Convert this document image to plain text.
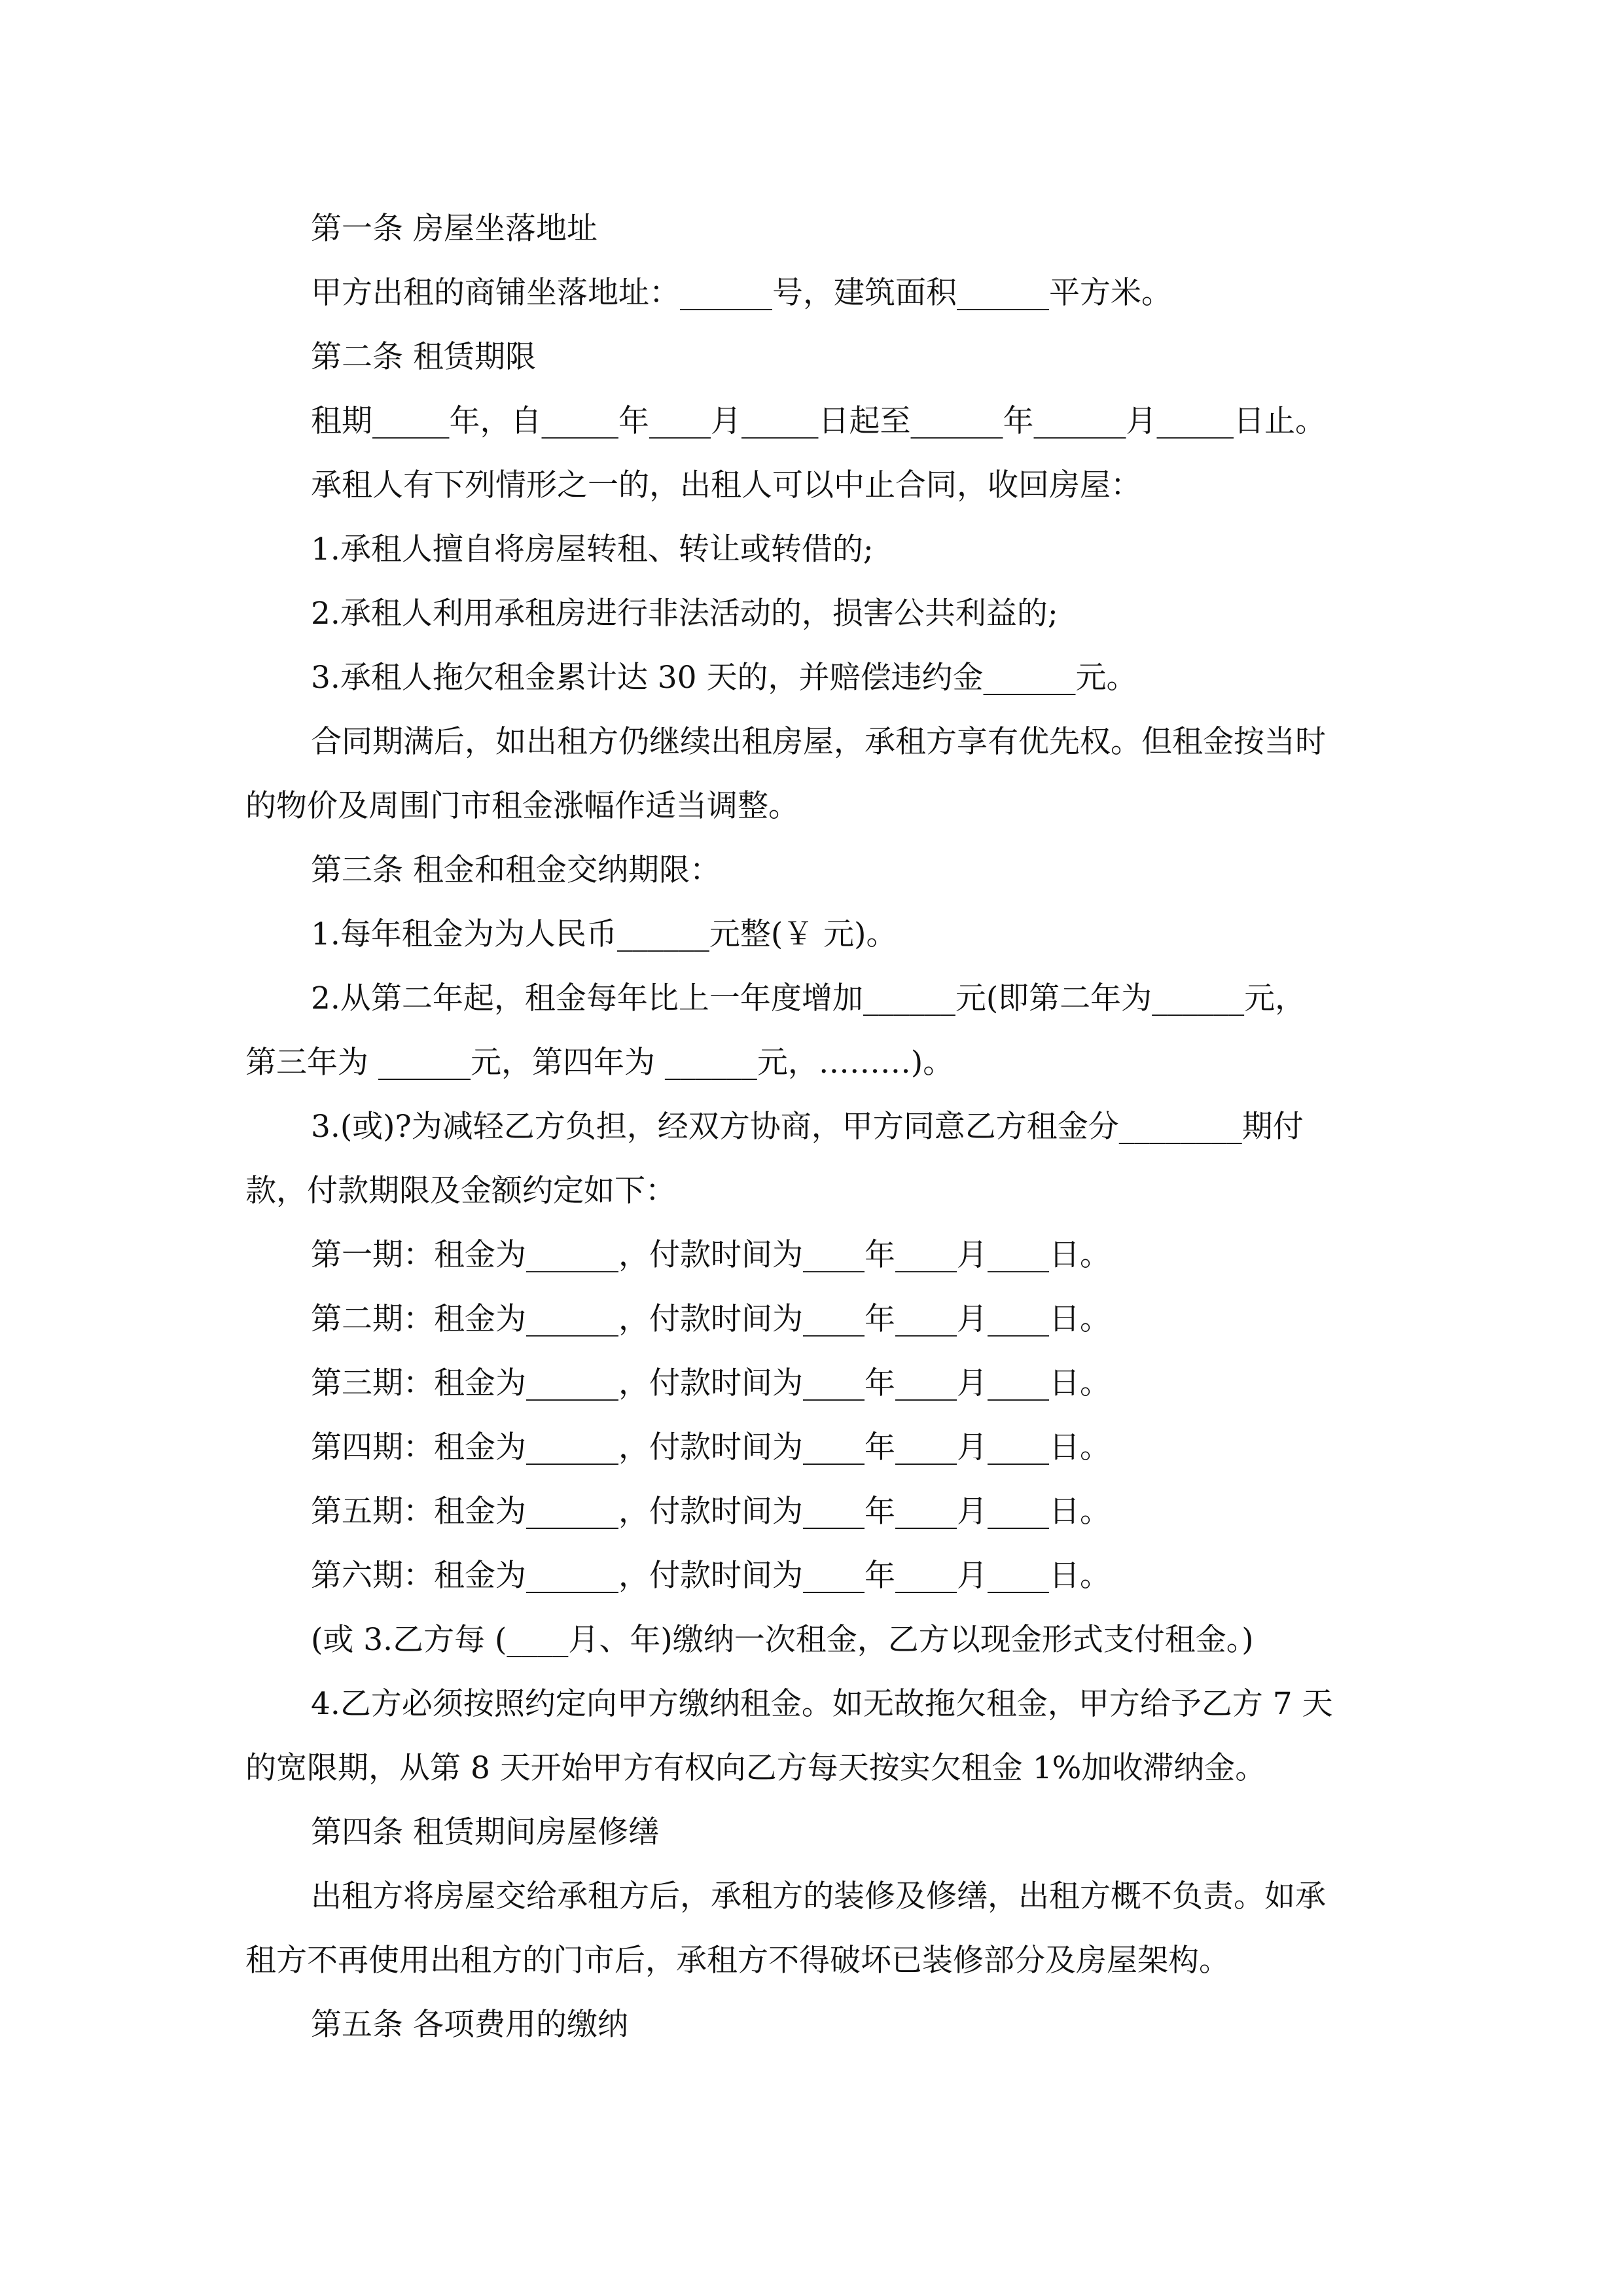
第一条 房屋坐落地址
甲方出租的商铺坐落地址：______号，建筑面积______平方米。
第二条 租赁期限
租期_____年，自_____年____月_____日起至______年______月_____日止。
承租人有下列情形之一的，出租人可以中止合同，收回房屋：
1.承租人擅自将房屋转租、转让或转借的;
2.承租人利用承租房进行非法活动的，损害公共利益的;
3.承租人拖欠租金累计达 30 天的，并赔偿违约金______元。
合同期满后，如出租方仍继续出租房屋，承租方享有优先权。但租金按当时
的物价及周围门市租金涨幅作适当调整。
第三条 租金和租金交纳期限：
1.每年租金为为人民币______元整(￥ 元)。
2.从第二年起，租金每年比上一年度增加______元(即第二年为______元，
第三年为 ______元，第四年为 ______元，………)。
3.(或)?为减轻乙方负担，经双方协商，甲方同意乙方租金分________期付
款，付款期限及金额约定如下：
第一期：租金为______，付款时间为____年____月____日。
第二期：租金为______，付款时间为____年____月____日。
第三期：租金为______，付款时间为____年____月____日。
第四期：租金为______，付款时间为____年____月____日。
第五期：租金为______，付款时间为____年____月____日。
第六期：租金为______，付款时间为____年____月____日。
(或 3.乙方每 (____月、年)缴纳一次租金，乙方以现金形式支付租金。)
4.乙方必须按照约定向甲方缴纳租金。如无故拖欠租金，甲方给予乙方 7 天
的宽限期，从第 8 天开始甲方有权向乙方每天按实欠租金 1%加收滞纳金。
第四条 租赁期间房屋修缮
出租方将房屋交给承租方后，承租方的装修及修缮，出租方概不负责。如承
租方不再使用出租方的门市后，承租方不得破坏已装修部分及房屋架构。
第五条 各项费用的缴纳
